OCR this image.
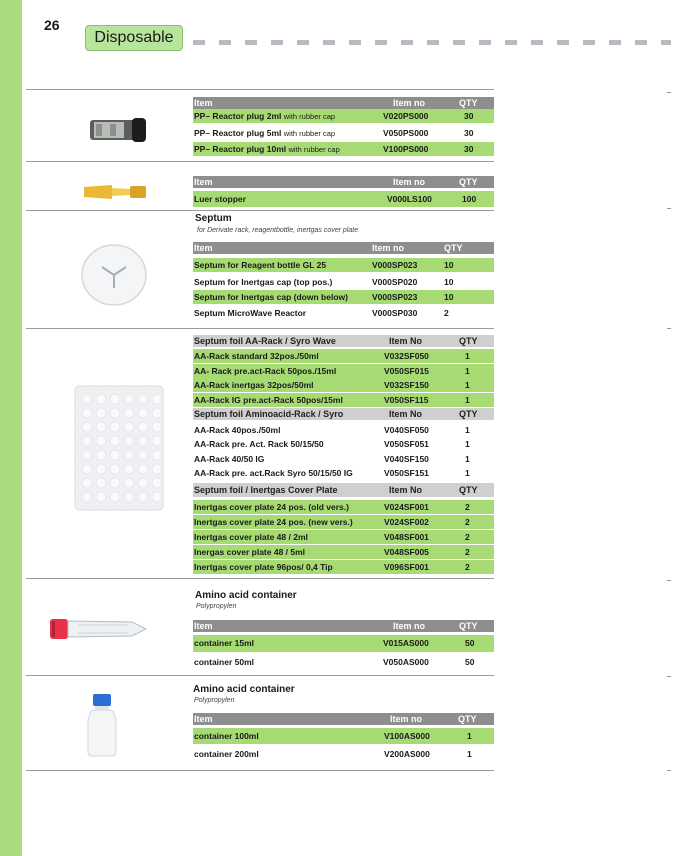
26
Disposable
Item	Item no	QTY
PP– Reactor plug 2ml with rubber cap	V020PS000	30
PP– Reactor plug 5ml with rubber cap	V050PS000	30
PP– Reactor plug 10ml with rubber cap	V100PS000	30
Item	Item no	QTY
Luer stopper	V000LS100	100
Septum
for Derivate rack, reagentbottle, inertgas cover plate
Item	Item no	QTY
Septum for Reagent bottle GL 25	V000SP023	10
Septum for Inertgas cap (top pos.)	V000SP020	10
Septum for Inertgas cap (down below)	V000SP023	10
Septum MicroWave Reactor	V000SP030	2
Septum foil AA-Rack / Syro Wave	Item No	QTY
AA-Rack standard 32pos./50ml	V032SF050	1
AA- Rack pre.act-Rack 50pos./15ml	V050SF015	1
AA-Rack inertgas 32pos/50ml	V032SF150	1
AA-Rack IG pre.act-Rack 50pos/15ml	V050SF115	1
Septum foil Aminoacid-Rack / Syro	Item No	QTY
AA-Rack 40pos./50ml	V040SF050	1
AA-Rack pre. Act. Rack 50/15/50	V050SF051	1
AA-Rack 40/50 IG	V040SF150	1
AA-Rack pre. act.Rack Syro 50/15/50 IG	V050SF151	1
Septum foil / Inertgas Cover Plate	Item No	QTY
Inertgas cover plate 24 pos. (old vers.)	V024SF001	2
Inertgas cover plate 24 pos. (new vers.)	V024SF002	2
Inertgas cover plate 48 / 2ml	V048SF001	2
Inergas cover plate 48 / 5ml	V048SF005	2
Inertgas cover plate 96pos/ 0,4 Tip	V096SF001	2
Amino acid container
Polypropylen
Item	Item no	QTY
container 15ml	V015AS000	50
container 50ml	V050AS000	50
Amino acid container
Polypropylen
Item	Item no	QTY
container 100ml	V100AS000	1
container 200ml	V200AS000	1
